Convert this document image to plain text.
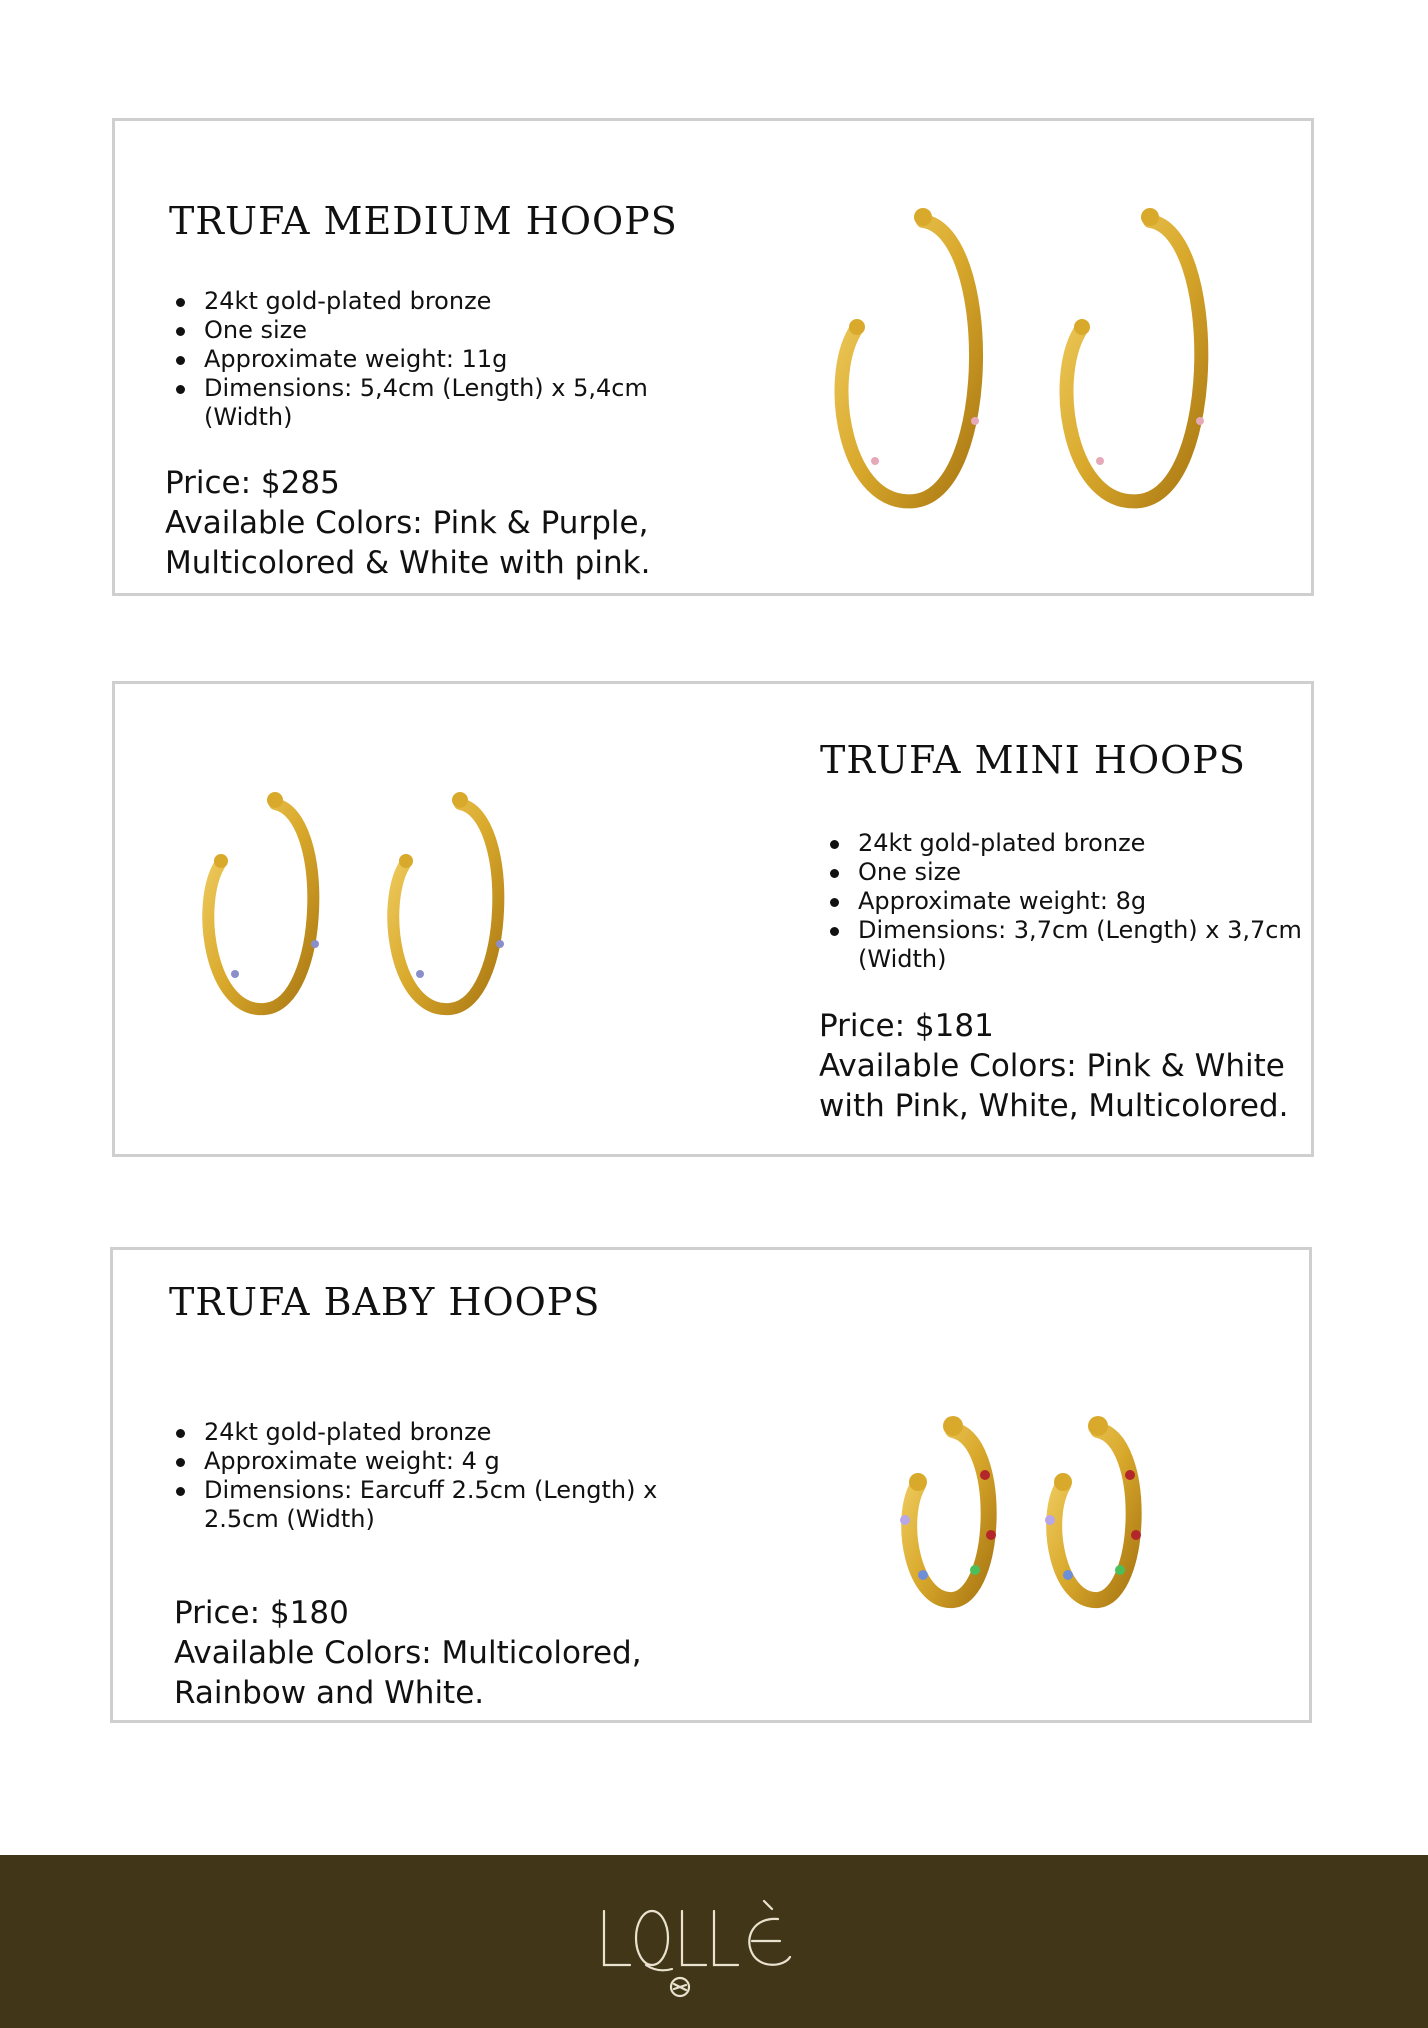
TRUFA MEDIUM HOOPS
24kt gold-plated bronze
One size
Approximate weight: 11g
Dimensions: 5,4cm (Length) x 5,4cm
(Width)
Price: $285
Available Colors: Pink & Purple,
Multicolored & White with pink.
TRUFA MINI HOOPS
24kt gold-plated bronze
One size
Approximate weight: 8g
Dimensions: 3,7cm (Length) x 3,7cm
(Width)
Price: $181
Available Colors: Pink & White
with Pink, White, Multicolored.
TRUFA BABY HOOPS
24kt gold-plated bronze
Approximate weight: 4 g
Dimensions: Earcuff 2.5cm (Length) x
2.5cm (Width)
Price: $180
Available Colors: Multicolored,
Rainbow and White.
